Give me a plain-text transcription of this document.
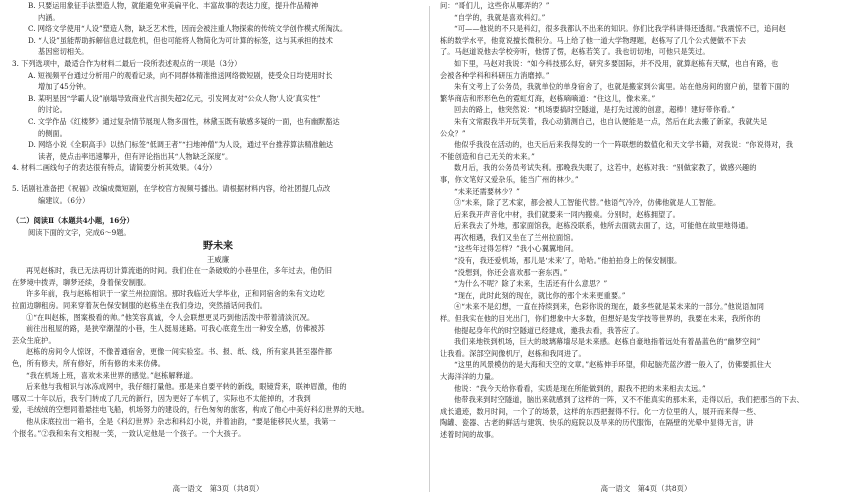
B. 只要运用象征手法塑造人物，就能避免审美扁平化、丰富故事的表达力度，提升作品精神
内涵。
C. 网络文学使用“人设”塑造人物，缺乏艺术性，因而会被注重人物探索的传统文学创作模式所淘汰。
D. “人设”虽能帮助拆解信息过载危机，但也可能将人物简化为可计算的标签，这与其承担的技术
基因密切相关。
3. 下列选项中，最适合作为材料二最后一段所表述观点的一项是（3分）
A. 短视频平台通过分析用户的观看记录，向不同群体精准推送网络微短剧，使受众日均使用时长
增加了45分钟。
B. 某明星因“学霸人设”崩塌导致商业代言损失超2亿元，引发网友对“公众人物‘人设’真实性”
的讨论。
C. 文学作品《红楼梦》通过复杂情节展现人物多面性，林黛玉既有敏感多疑的一面，也有幽默豁达
的侧面。
D. 网络小说《全职高手》以热门标签“低调王者”“扫地神僧”为人设，通过平台推荐算法精准触达
读者，使点击率迅速攀升，但有评论指出其“人物缺乏深度”。
4. 材料二画线句子的表达很有特点，请简要分析其效果。（4分）
5. 话剧社准备把《祝福》改编成微短剧，在学校官方视频号播出。请根据材料内容，给社团提几点改
编建议。（6分）
（二）阅读Ⅱ（本题共4小题，16分）
阅读下面的文字，完成6～9题。
野未来
王威廉
再见赵栋时，我已无法再切计算流逝的时间。我们住在一条破败的小巷里住，多年过去，他仍旧
在梦境中拨弄，聊梦还续，身着保安制服。
许多年前，我与赵栋相识于一家兰州拉面馆。那时我临近大学毕业，正和同宿舍的朱有文边吃
拉面边聊租房。同来穿着灰色保安制服的赵栋坐在我们身边，突然插话问我们。
①“在叫赵栋，图案极看的帅。”他笑容真诚，令人会联想更灵巧到他活泼中带着清淡沉况。
前往出租屋的路，是狭窄潮湿的小巷，生人挺易迷路。可我心底竟生出一种安全感，仿佛被苏
芸众生庇护。
赵栋的房间令人惊讶，不像普通宿舍，更像一间实验室。书、报、纸、线，所有家具甚至器件都
色，所有修夫，所有修好，所有修的未来仿佛。
“我在机场上班，喜欢未来世界的感觉。”赵栋解释道。
后来他与我相识与冰冻成网中，我仔细打量他。那是来自要平转的新线，眼镜背来，联神眉激，他的
哪双二十年以后，我专门转成了几元的新行，因为更好了车机了，实际也不太能掉的，才我到
爱，毛绒绒的空想同着悬挂电飞船，机场努力的建设的，行色匆匆的旅客，构成了他心中美好科幻世界的天地。
他从床底拉出一箱书，全是《科幻世界》杂志和科幻小说，并着油韵，“要是能移民火星，我第一
个报名。”②我和朱有文相视一笑，一致认定他是一个孩子。一个大孩子。
高一语文　第3页（共8页）
问：“哥们儿，这些你从哪弄的？”
“自学的，我就是喜欢科幻。”
“可——他说的不只是科幻，很多我都认不出来的知识。你们比我学科讲得还透彻。”我震惊不已，追问赵
栋的数学水平，他竟说擅长微积分。马上给了他一道大学物理题，赵栋写了几个公式便做不下去
了。马赵道说他去学校旁听，他愣了愣，赵栋若笑了。我也切切地，可他只是笑过。
如下里，马赵对我说：“如今科技那么好，研究多要国际，并不没用，就算赵栋有天赋，也自有路，也
会被各种学科和科研压力消磨掉。”
朱有文考上了公务员，我就单位的单身宿舍了，也就是搬家到公寓里。站在他房间的窗户前，望着下面的
繁华商店和形形色色的霓虹灯海，赵栋嘀嘀道：“住这儿，像未来。”
回去的路上，他突然说：“机场要搞时空隧道，是打先过渡的创意，超棒！建好带你看。”
朱有文常跟我半开玩笑着，我心动猜测自己，也自认便能是一点，然后在此去搬了新家，我就失足
公众？”
他似乎我没在活动的，也天后后来我得发的一个一阵联想的数值化和天文学书籍，对我说：“你说得对，我
不能创造和自己无关的未来。”
数月后，我的公务员考试失利。那晚我失眠了，这若中，赵栋对我：“别做家教了，做感兴趣的
事，你文笔好又爱杂乐，能当广州的林少。”
“未来还需要林少？”
③“未来，除了艺术家，都会被人工智能代替。”他语气冷冷，仿佛他就是人工智能。
后来我开声音化中材，我们就要来一同内搬桌。分别时，赵栋拥望了。
后来我去了外地，那家面馆我，赵栋没联系，他所去面就去面了，这，可能他在故里地得通。
再次相遇，我们又坐在了兰州拉面馆。
“这些年过得怎样？”我小心翼翼地问。
“没有，我还爱机场，那儿是‘未来’了，哈哈。”他拍拍身上的保安制服。
“没想到，你还会喜欢那一套东西。”
“为什么不呢？除了未来，生活还有什么意思？”
“现在，此时此刻的现在，就比你的那个未来更重要。”
④“未来不是幻想，一直在持续到来，色彩你说的现在，最多些就是某未来的一部分。”他说语加同
样。但我实在他的目光出门，你们想象中大多数，但想好是发学技等世界的，我要在未来，我所你的
他提起身年代的时空隧道已经建成，邀我去看，我答应了。
我们来地铁到机场，巨大的玻璃幕墙尽是未来感。赵栋自豪地指着远处有着晶蓝色的“幽梦空间”
让我看。深部空间像机厅，赵栋和我同进了。
“这里的风景模仿的是大海和天空的文章。”赵栋伸手环望，仰起脑壳蓝汐潜一般入了，仿佛要抓住大
大海洋洋的力量。
他说：“我今天给你看看，实质是现在所能做到的，跟我不把的未来相去太远。”
他带我来到时空隧道，脑出来就感到了这样的一阵，又不不能真实的那未来，走得以后，我们把那当的下去、
成长遗迹，数月时间，一个了的场景，这样的东西把握得不行。化一方位里的人，展开而来得一些、
陶罐、瓷器、古老的鲜活与建筑、快乐的庭院以及旱来的历代服饰，在隔壁的光晕中显得无言，讲
述着时间的故事。
高一语文　第4页（共8页）
